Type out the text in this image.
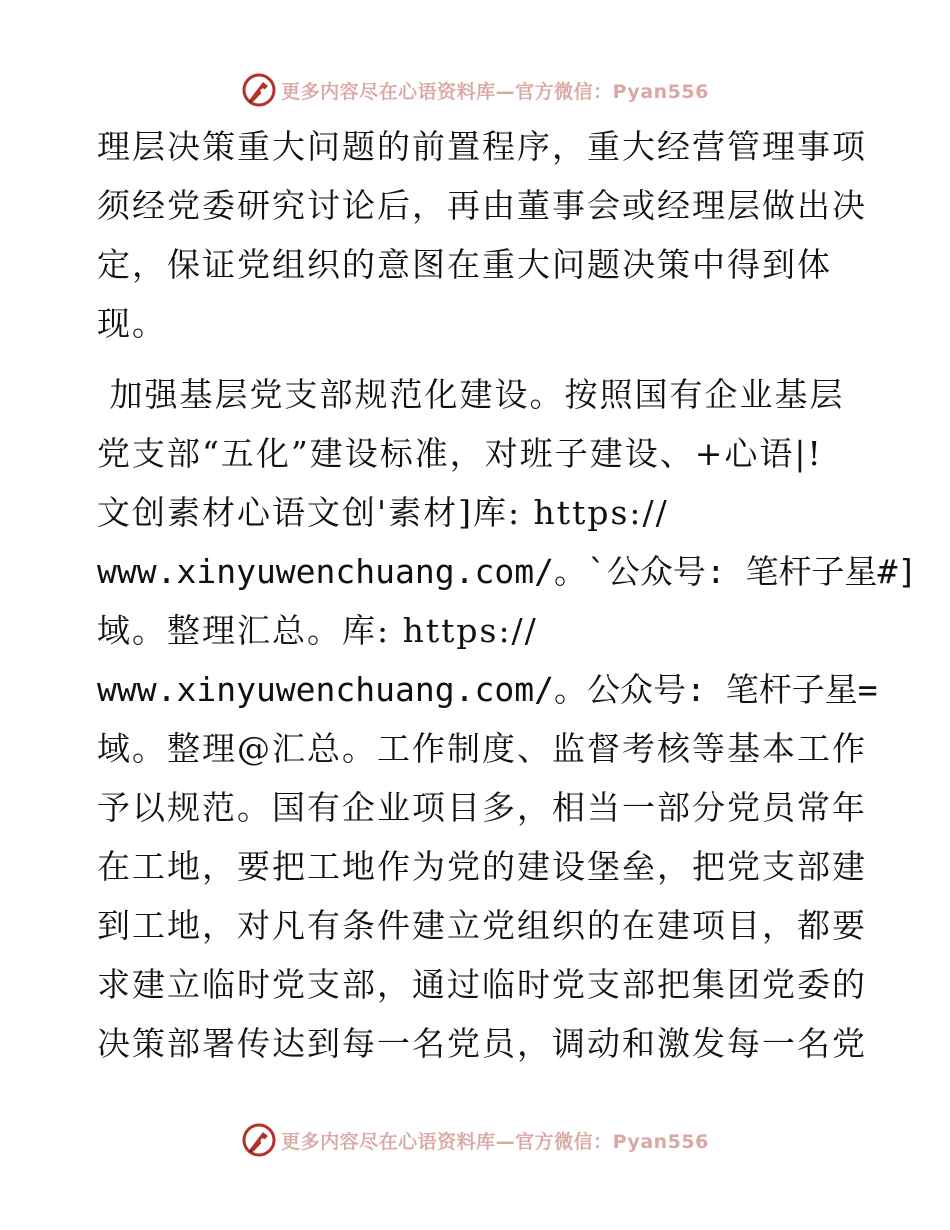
更多内容尽在心语资料库—官方微信：Pyan556
理层决策重大问题的前置程序，重大经营管理事项
须经党委研究讨论后，再由董事会或经理层做出决
定，保证党组织的意图在重大问题决策中得到体
现。
加强基层党支部规范化建设。按照国有企业基层
党支部“五化”建设标准，对班子建设、+心语|!
文创素材心语文创'素材]库: https://
www.xinyuwenchuang.com/。`公众号: 笔杆子星#]
域。整理汇总。库: https://
www.xinyuwenchuang.com/。公众号: 笔杆子星=
域。整理@汇总。工作制度、监督考核等基本工作
予以规范。国有企业项目多，相当一部分党员常年
在工地，要把工地作为党的建设堡垒，把党支部建
到工地，对凡有条件建立党组织的在建项目，都要
求建立临时党支部，通过临时党支部把集团党委的
决策部署传达到每一名党员，调动和激发每一名党
更多内容尽在心语资料库—官方微信：Pyan556
